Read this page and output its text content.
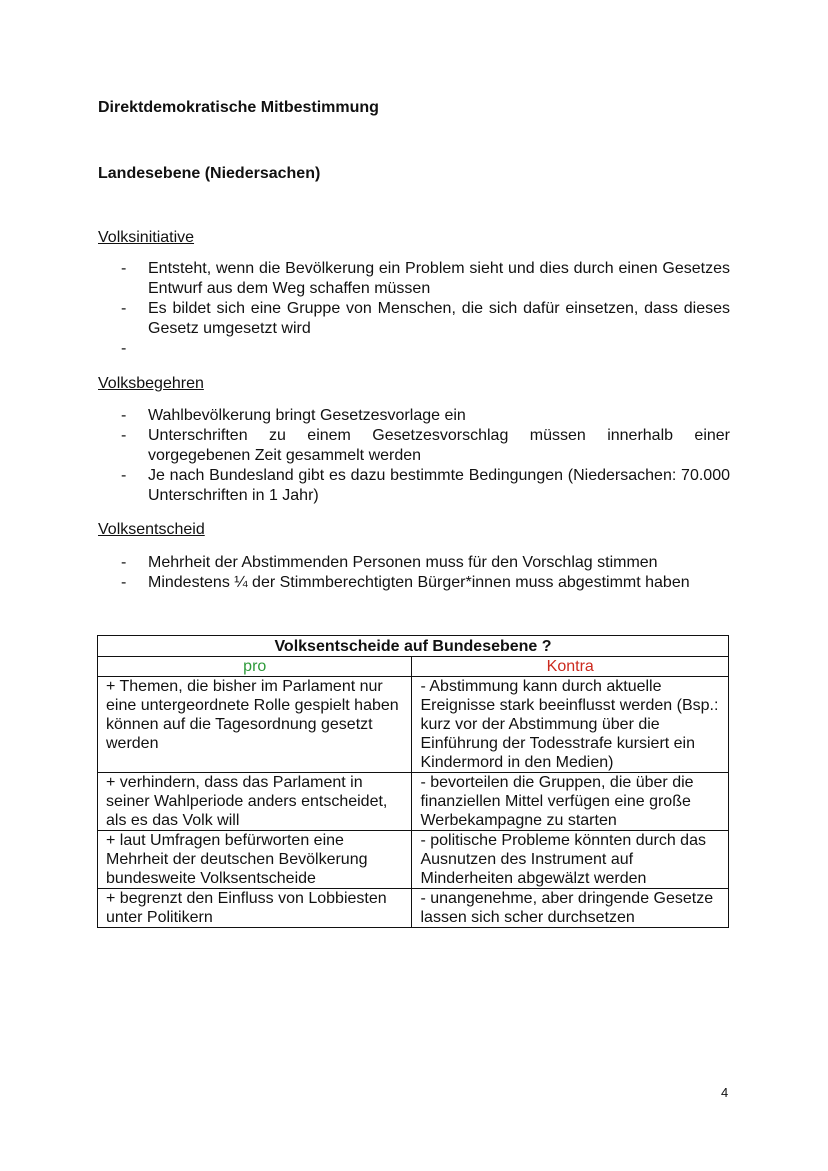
Direktdemokratische Mitbestimmung
Landesebene (Niedersachen)
Volksinitiative
- Entsteht, wenn die Bevölkerung ein Problem sieht und dies durch einen Gesetzes Entwurf aus dem Weg schaffen müssen
- Es bildet sich eine Gruppe von Menschen, die sich dafür einsetzen, dass dieses Gesetz umgesetzt wird
-
Volksbegehren
- Wahlbevölkerung bringt Gesetzesvorlage ein
- Unterschriften zu einem Gesetzesvorschlag müssen innerhalb einer vorgegebenen Zeit gesammelt werden
- Je nach Bundesland gibt es dazu bestimmte Bedingungen (Niedersachen: 70.000 Unterschriften in 1 Jahr)
Volksentscheid
- Mehrheit der Abstimmenden Personen muss für den Vorschlag stimmen
- Mindestens ¼ der Stimmberechtigten Bürger*innen muss abgestimmt haben
Volksentscheide auf Bundesebene ?	
pro	Kontra
+ Themen, die bisher im Parlament nur eine untergeordnete Rolle gespielt haben können auf die Tagesordnung gesetzt werden	- Abstimmung kann durch aktuelle Ereignisse stark beeinflusst werden (Bsp.: kurz vor der Abstimmung über die Einführung der Todesstrafe kursiert ein Kindermord in den Medien)
+ verhindern, dass das Parlament in seiner Wahlperiode anders entscheidet, als es das Volk will	- bevorteilen die Gruppen, die über die finanziellen Mittel verfügen eine große Werbekampagne zu starten
+ laut Umfragen befürworten eine Mehrheit der deutschen Bevölkerung bundesweite Volksentscheide	- politische Probleme könnten durch das Ausnutzen des Instrument auf Minderheiten abgewälzt werden
+ begrenzt den Einfluss von Lobbiesten unter Politikern	- unangenehme, aber dringende Gesetze lassen sich scher durchsetzen
4
